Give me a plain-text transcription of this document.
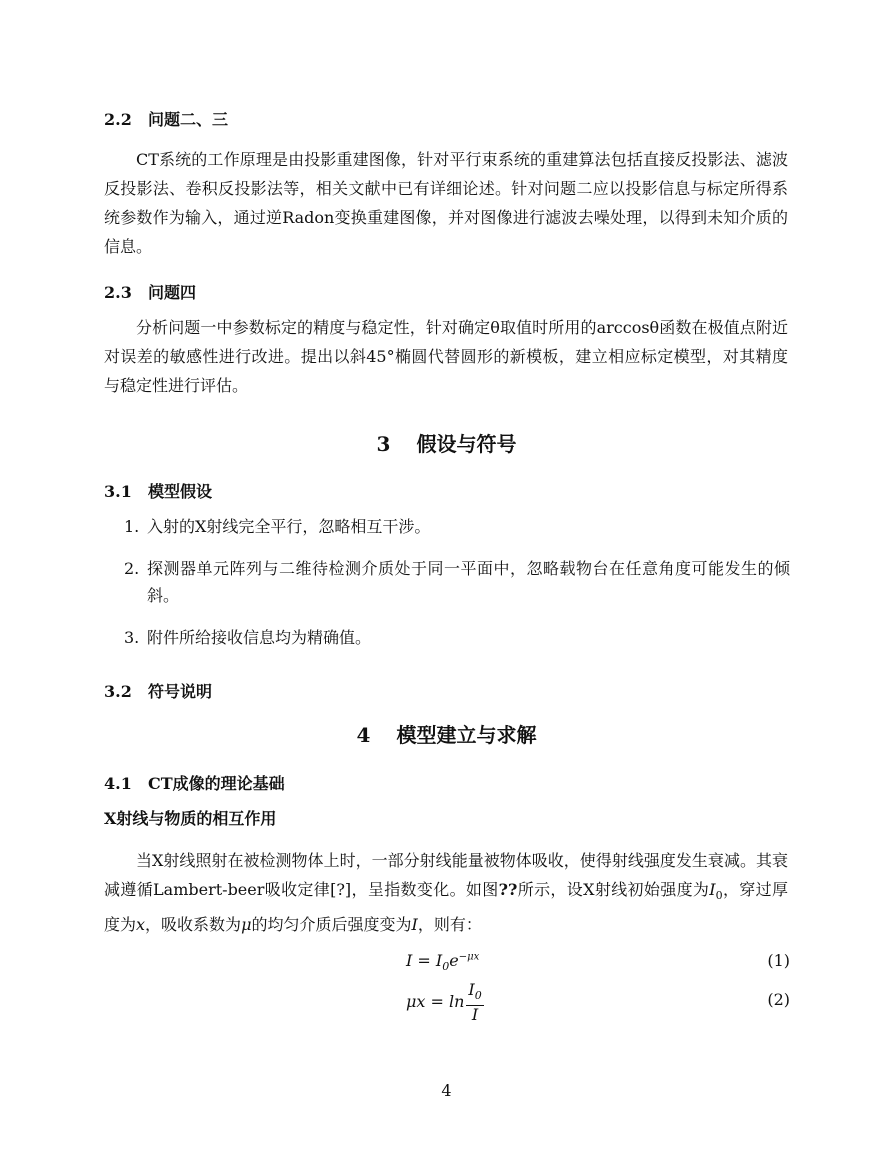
2.2 问题二、三

CT系统的工作原理是由投影重建图像，针对平行束系统的重建算法包括直接反投影法、滤波反投影法、卷积反投影法等，相关文献中已有详细论述。针对问题二应以投影信息与标定所得系统参数作为输入，通过逆Radon变换重建图像，并对图像进行滤波去噪处理，以得到未知介质的信息。

2.3 问题四

分析问题一中参数标定的精度与稳定性，针对确定θ取值时所用的arccosθ函数在极值点附近对误差的敏感性进行改进。提出以斜45°椭圆代替圆形的新模板，建立相应标定模型，对其精度与稳定性进行评估。

3 假设与符号
3.1 模型假设
1. 入射的X射线完全平行，忽略相互干涉。
2. 探测器单元阵列与二维待检测介质处于同一平面中，忽略载物台在任意角度可能发生的倾斜。
3. 附件所给接收信息均为精确值。
3.2 符号说明
4 模型建立与求解
4.1 CT成像的理论基础
X射线与物质的相互作用

当X射线照射在被检测物体上时，一部分射线能量被物体吸收，使得射线强度发生衰减。其衰减遵循Lambert-beer吸收定律[?]，呈指数变化。如图??所示，设X射线初始强度为$I_0$，穿过厚度为x，吸收系数为μ的均匀介质后强度变为I，则有：

$I = I_0e^{-\mu x}$	(1)
$\mu x = \ln \frac{I_0}{I}$	(2)
4
